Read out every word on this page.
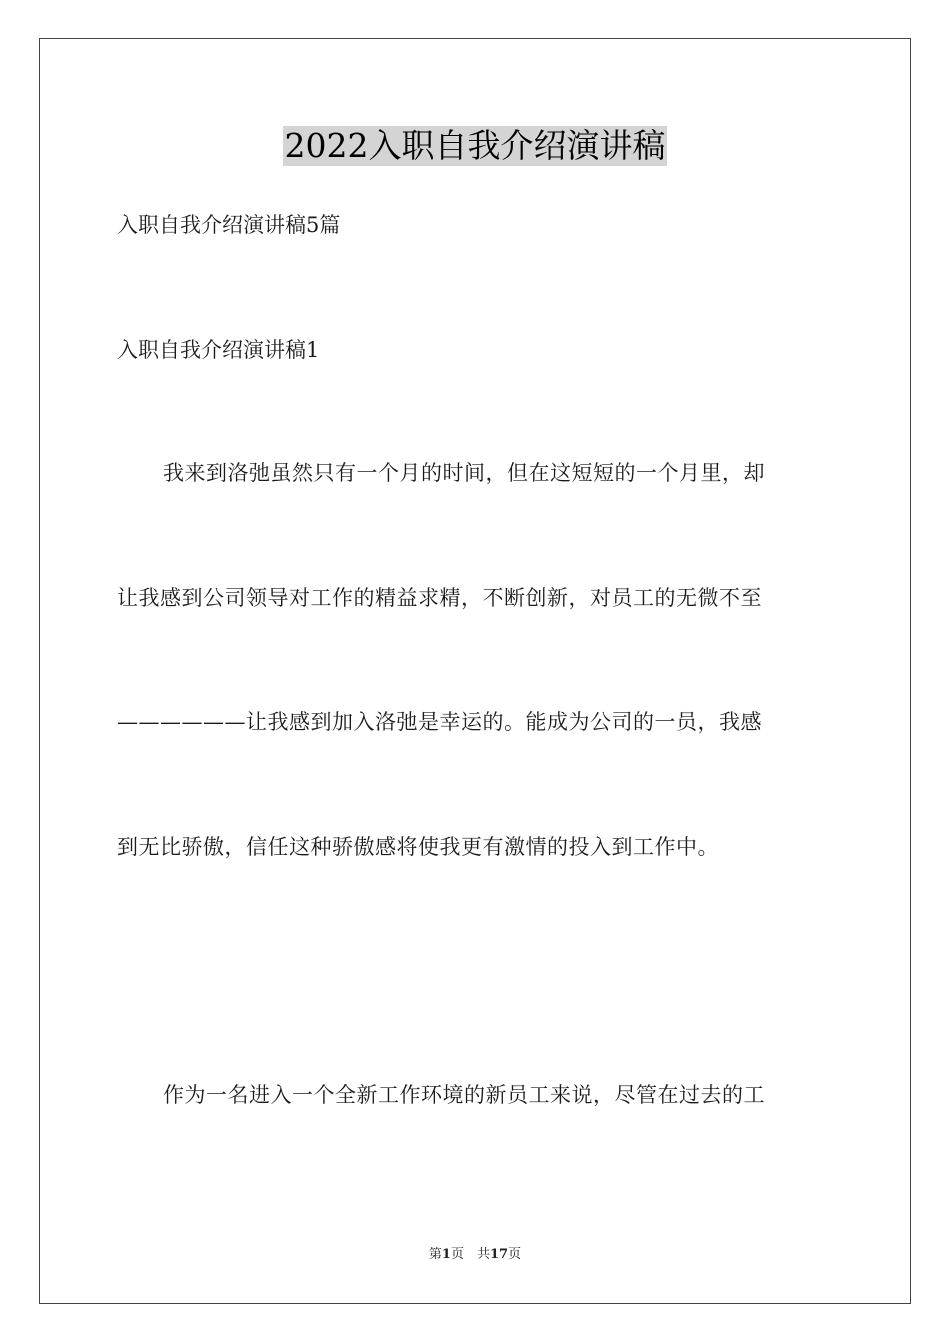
2022入职自我介绍演讲稿
入职自我介绍演讲稿5篇
入职自我介绍演讲稿1
我来到洛弛虽然只有一个月的时间，但在这短短的一个月里，却
让我感到公司领导对工作的精益求精，不断创新，对员工的无微不至
——————让我感到加入洛弛是幸运的。能成为公司的一员，我感
到无比骄傲，信任这种骄傲感将使我更有激情的投入到工作中。
作为一名进入一个全新工作环境的新员工来说，尽管在过去的工
第1页　共17页
